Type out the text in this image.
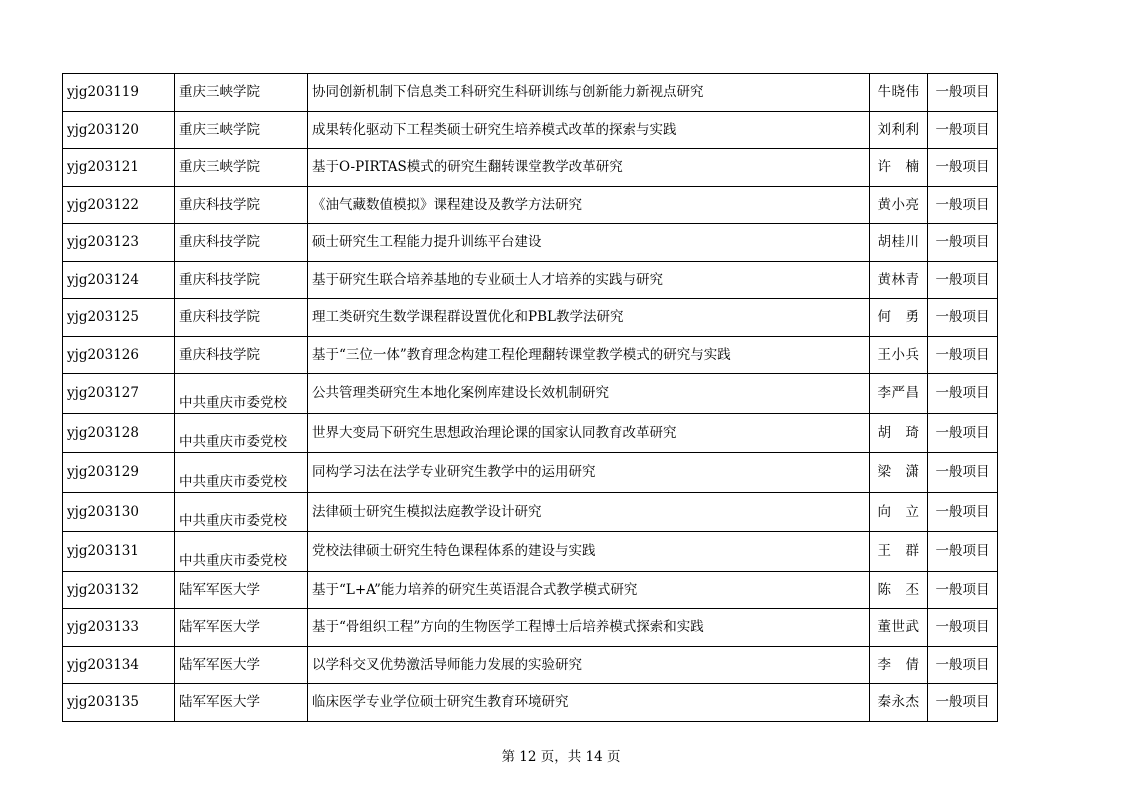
yjg203119	重庆三峡学院	协同创新机制下信息类工科研究生科研训练与创新能力新视点研究	牛晓伟	一般项目
yjg203120	重庆三峡学院	成果转化驱动下工程类硕士研究生培养模式改革的探索与实践	刘利利	一般项目
yjg203121	重庆三峡学院	基于O-PIRTAS模式的研究生翻转课堂教学改革研究	许　楠	一般项目
yjg203122	重庆科技学院	《油气藏数值模拟》课程建设及教学方法研究	黄小亮	一般项目
yjg203123	重庆科技学院	硕士研究生工程能力提升训练平台建设	胡桂川	一般项目
yjg203124	重庆科技学院	基于研究生联合培养基地的专业硕士人才培养的实践与研究	黄林青	一般项目
yjg203125	重庆科技学院	理工类研究生数学课程群设置优化和PBL教学法研究	何　勇	一般项目
yjg203126	重庆科技学院	基于“三位一体”教育理念构建工程伦理翻转课堂教学模式的研究与实践	王小兵	一般项目
yjg203127	中共重庆市委党校	公共管理类研究生本地化案例库建设长效机制研究	李严昌	一般项目
yjg203128	中共重庆市委党校	世界大变局下研究生思想政治理论课的国家认同教育改革研究	胡　琦	一般项目
yjg203129	中共重庆市委党校	同构学习法在法学专业研究生教学中的运用研究	梁　潇	一般项目
yjg203130	中共重庆市委党校	法律硕士研究生模拟法庭教学设计研究	向　立	一般项目
yjg203131	中共重庆市委党校	党校法律硕士研究生特色课程体系的建设与实践	王　群	一般项目
yjg203132	陆军军医大学	基于“L+A”能力培养的研究生英语混合式教学模式研究	陈　丕	一般项目
yjg203133	陆军军医大学	基于“骨组织工程”方向的生物医学工程博士后培养模式探索和实践	董世武	一般项目
yjg203134	陆军军医大学	以学科交叉优势激活导师能力发展的实验研究	李　倩	一般项目
yjg203135	陆军军医大学	临床医学专业学位硕士研究生教育环境研究	秦永杰	一般项目
第 12 页，共 14 页
